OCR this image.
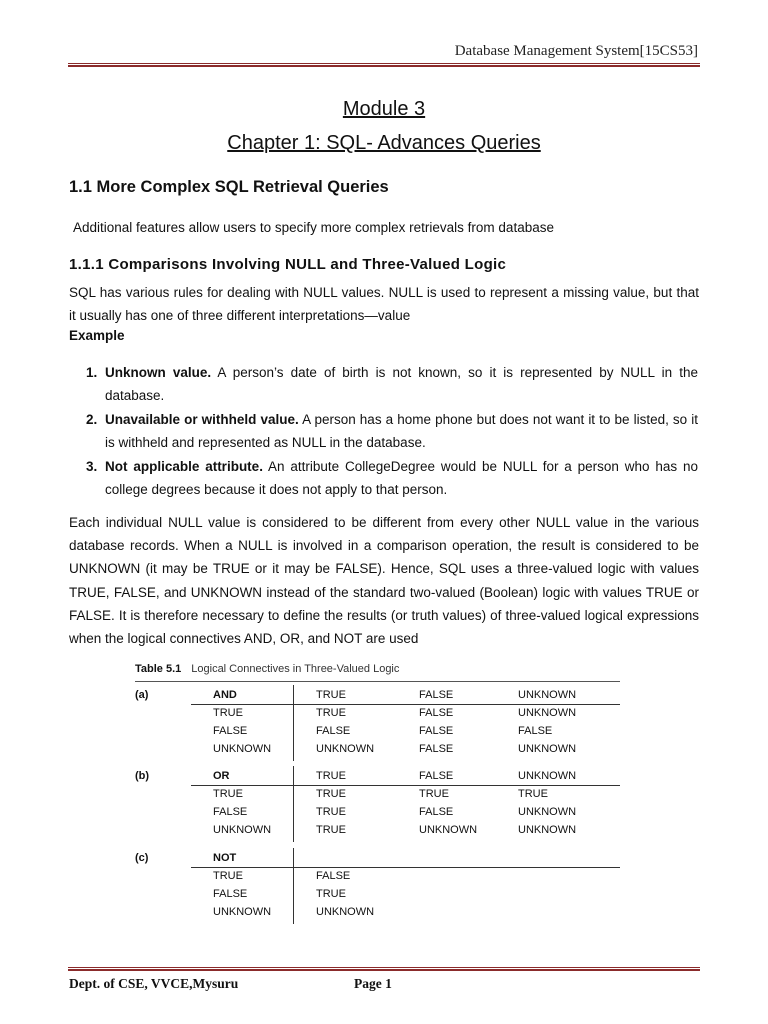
Database Management System[15CS53]
Module 3
Chapter 1: SQL- Advances Queries
1.1 More Complex SQL Retrieval Queries
Additional features allow users to specify more complex retrievals from database
1.1.1 Comparisons Involving NULL and Three-Valued Logic
SQL has various rules for dealing with NULL values. NULL is used to represent a missing value, but that it usually has one of three different interpretations—value
Example
1. Unknown value. A person’s date of birth is not known, so it is represented by NULL in the database.
2. Unavailable or withheld value. A person has a home phone but does not want it to be listed, so it is withheld and represented as NULL in the database.
3. Not applicable attribute. An attribute CollegeDegree would be NULL for a person who has no college degrees because it does not apply to that person.
Each individual NULL value is considered to be different from every other NULL value in the various database records. When a NULL is involved in a comparison operation, the result is considered to be UNKNOWN (it may be TRUE or it may be FALSE). Hence, SQL uses a three-valued logic with values TRUE, FALSE, and UNKNOWN instead of the standard two-valued (Boolean) logic with values TRUE or FALSE. It is therefore necessary to define the results (or truth values) of three-valued logical expressions when the logical connectives AND, OR, and NOT are used
Table 5.1 Logical Connectives in Three-Valued Logic
(a)	AND	TRUE	FALSE	UNKNOWN
TRUE	TRUE	FALSE	UNKNOWN
FALSE	FALSE	FALSE	FALSE
UNKNOWN	UNKNOWN	FALSE	UNKNOWN
(b)	OR	TRUE	FALSE	UNKNOWN
TRUE	TRUE	TRUE	TRUE
FALSE	TRUE	FALSE	UNKNOWN
UNKNOWN	TRUE	UNKNOWN	UNKNOWN
(c)	NOT
TRUE	FALSE
FALSE	TRUE
UNKNOWN	UNKNOWN
Dept. of CSE, VVCE,Mysuru	Page 1
